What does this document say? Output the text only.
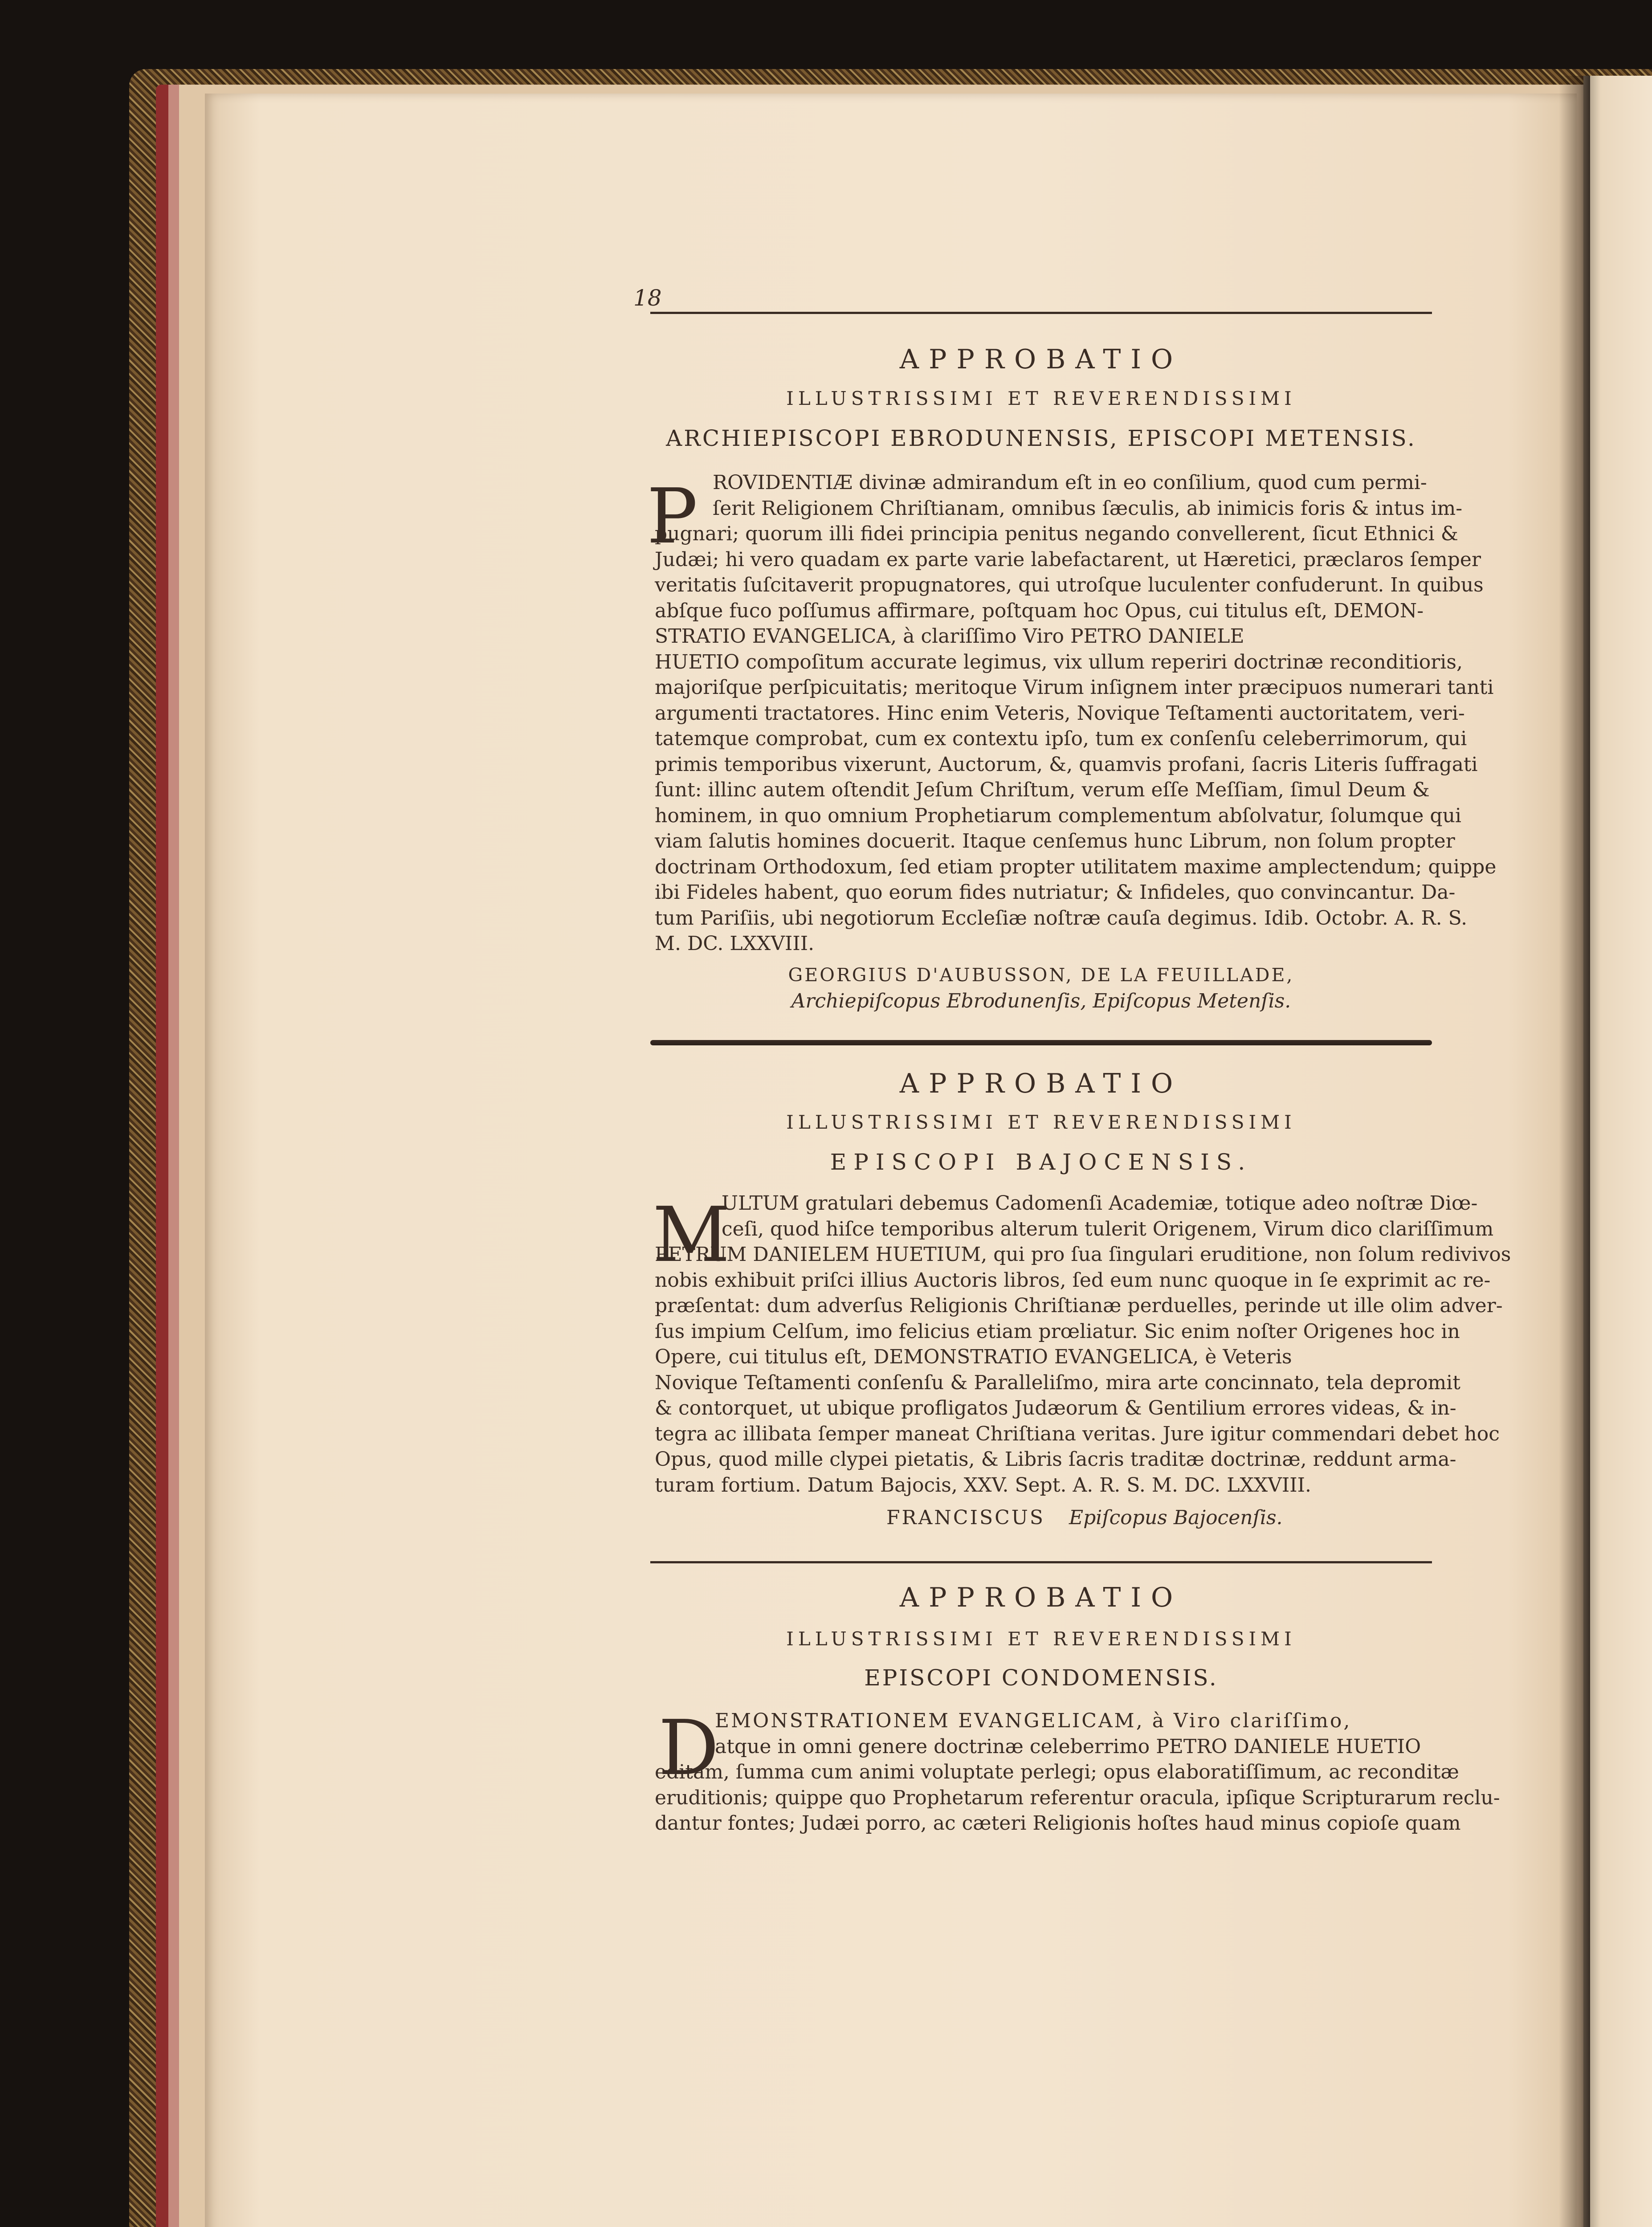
18
APPROBATIO
ILLUSTRISSIMI ET REVERENDISSIMI
ARCHIEPISCOPI EBRODUNENSIS, EPISCOPI METENSIS.
P ROVIDENTIÆ divinæ admirandum eſt in eo conſilium, quod cum permi-
ſerit Religionem Chriſtianam, omnibus ſæculis, ab inimicis foris & intus im-
pugnari; quorum illi fidei principia penitus negando convellerent, ſicut Ethnici &
Judæi; hi vero quadam ex parte varie labefactarent, ut Hæretici, præclaros ſemper
veritatis ſuſcitaverit propugnatores, qui utroſque luculenter confuderunt. In quibus
abſque fuco poſſumus affirmare, poſtquam hoc Opus, cui titulus eſt, DEMON-
STRATIO EVANGELICA, à clariſſimo Viro PETRO DANIELE
HUETIO compoſitum accurate legimus, vix ullum reperiri doctrinæ reconditioris,
majoriſque perſpicuitatis; meritoque Virum inſignem inter præcipuos numerari tanti
argumenti tractatores. Hinc enim Veteris, Novique Teſtamenti auctoritatem, veri-
tatemque comprobat, cum ex contextu ipſo, tum ex conſenſu celeberrimorum, qui
primis temporibus vixerunt, Auctorum, &, quamvis profani, ſacris Literis ſuffragati
ſunt: illinc autem oſtendit Jeſum Chriſtum, verum eſſe Meſſiam, ſimul Deum &
hominem, in quo omnium Prophetiarum complementum abſolvatur, ſolumque qui
viam ſalutis homines docuerit. Itaque cenſemus hunc Librum, non ſolum propter
doctrinam Orthodoxum, ſed etiam propter utilitatem maxime amplectendum; quippe
ibi Fideles habent, quo eorum fides nutriatur; & Infideles, quo convincantur. Da-
tum Pariſiis, ubi negotiorum Eccleſiæ noſtræ cauſa degimus. Idib. Octobr. A. R. S.
M. DC. LXXVIII.
GEORGIUS D'AUBUSSON, DE LA FEUILLADE,
Archiepiſcopus Ebrodunenſis, Epiſcopus Metenſis.
APPROBATIO
ILLUSTRISSIMI ET REVERENDISSIMI
EPISCOPI BAJOCENSIS.
M
ULTUM gratulari debemus Cadomenſi Academiæ, totique adeo noſtræ Diœ-
ceſi, quod hiſce temporibus alterum tulerit Origenem, Virum dico clariſſimum
PETRUM DANIELEM HUETIUM, qui pro ſua ſingulari eruditione, non ſolum redivivos
nobis exhibuit priſci illius Auctoris libros, ſed eum nunc quoque in ſe exprimit ac re-
præſentat: dum adverſus Religionis Chriſtianæ perduelles, perinde ut ille olim adver-
ſus impium Celſum, imo felicius etiam prœliatur. Sic enim noſter Origenes hoc in
Opere, cui titulus eſt, DEMONSTRATIO EVANGELICA, è Veteris
Novique Teſtamenti conſenſu & Paralleliſmo, mira arte concinnato, tela depromit
& contorquet, ut ubique profligatos Judæorum & Gentilium errores videas, & in-
tegra ac illibata ſemper maneat Chriſtiana veritas. Jure igitur commendari debet hoc
Opus, quod mille clypei pietatis, & Libris ſacris traditæ doctrinæ, reddunt arma-
turam fortium. Datum Bajocis, XXV. Sept. A. R. S. M. DC. LXXVIII.
FRANCISCUS Epiſcopus Bajocenſis.
APPROBATIO
ILLUSTRISSIMI ET REVERENDISSIMI
EPISCOPI CONDOMENSIS.
D
EMONSTRATIONEM EVANGELICAM, à Viro clariſſimo,
atque in omni genere doctrinæ celeberrimo PETRO DANIELE HUETIO
editam, ſumma cum animi voluptate perlegi; opus elaboratiſſimum, ac reconditæ
eruditionis; quippe quo Prophetarum referentur oracula, ipſique Scripturarum reclu-
dantur fontes; Judæi porro, ac cæteri Religionis hoſtes haud minus copioſe quam
